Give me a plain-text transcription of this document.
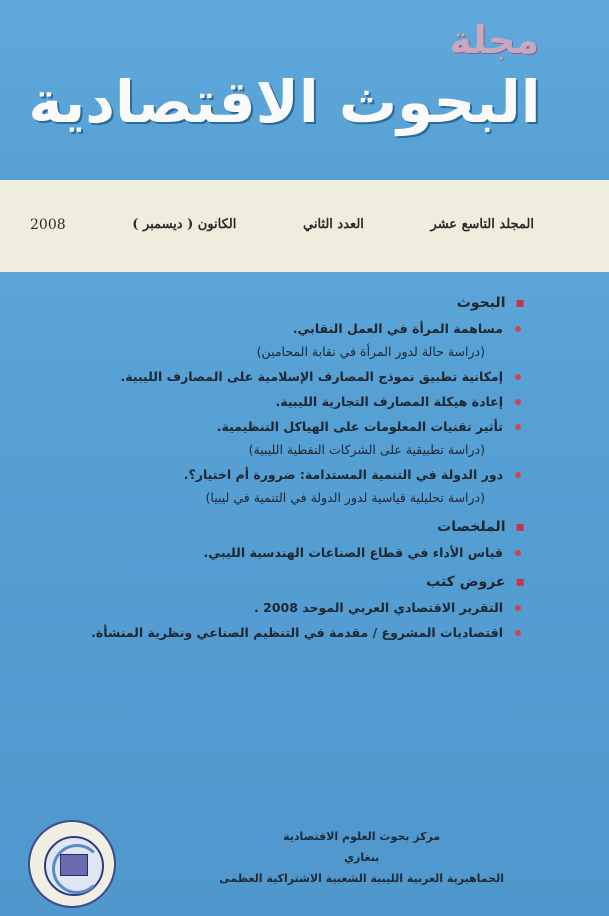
مجلة
البحوث الاقتصادية
المجلد التاسع عشر
العدد الثاني
الكانون ( ديسمبر )
2008
▪البحوث
مساهمة المرأة في العمل النقابي.
(دراسة حالة لدور المرأة في نقابة المحامين)
إمكانية تطبيق نموذج المصارف الإسلامية على المصارف الليبية.
إعادة هيكلة المصارف التجارية الليبية.
تأثير تقنيات المعلومات على الهياكل التنظيمية.
(دراسة تطبيقية على الشركات النفطية الليبية)
دور الدولة في التنمية المستدامة: ضرورة أم اختيار؟.
(دراسة تحليلية قياسية لدور الدولة في التنمية في ليبيا)
▪الملخصات
قياس الأداء في قطاع الصناعات الهندسية الليبي.
▪عروض كتب
التقرير الاقتصادي العربي الموحد 2008 .
اقتصاديات المشروع / مقدمة في التنظيم الصناعي ونظرية المنشأة.
مركز بحوث العلوم الاقتصادية
بنغازي
الجماهيرية العربية الليبية الشعبية الاشتراكية العظمى
